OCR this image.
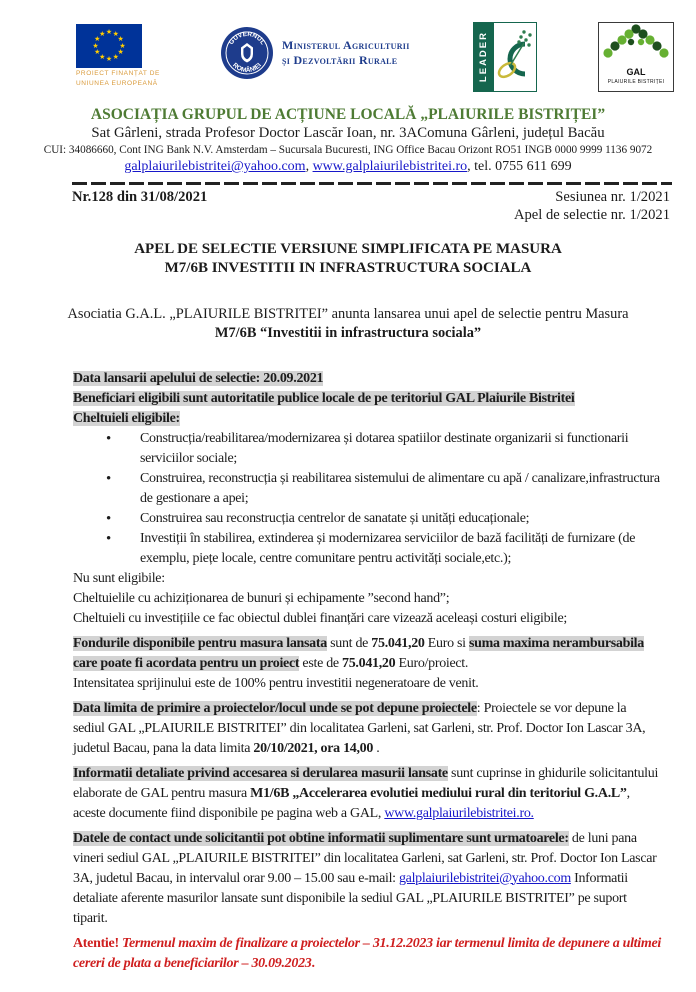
★ ★
★
★
★
★
★
★
★
★
★
★
PROIECT FINANȚAT DE
UNIUNEA EUROPEANĂ
GUVERNUL
ROMÂNIEI
Ministerul Agriculturii
și Dezvoltării Rurale	LEADER	GAL
PLAIURILE BISTRIȚEI
ASOCIAȚIA GRUPUL DE ACȚIUNE LOCALĂ „PLAIURILE BISTRIȚEI”
Sat Gârleni, strada Profesor Doctor Lascăr Ioan, nr. 3AComuna Gârleni, județul Bacău
CUI: 34086660, Cont ING Bank N.V. Amsterdam – Sucursala Bucuresti, ING Office Bacau Orizont RO51 INGB 0000 9999 1136 9072
galplaiurilebistritei@yahoo.com, www.galplaiurilebistritei.ro, tel. 0755 611 699
Nr.128 din 31/08/2021	Sesiunea nr. 1/2021
Apel de selectie nr. 1/2021
APEL DE SELECTIE VERSIUNE SIMPLIFICATA PE MASURA
M7/6B INVESTITII IN INFRASTRUCTURA SOCIALA
Asociatia G.A.L. „PLAIURILE BISTRITEI” anunta lansarea unui apel de selectie pentru Masura
M7/6B “Investitii in infrastructura sociala”
Data lansarii apelului de selectie: 20.09.2021
Beneficiari eligibili sunt autoritatile publice locale de pe teritoriul GAL Plaiurile Bistritei
Cheltuieli eligibile:
• Construcția/reabilitarea/modernizarea și dotarea spatiilor destinate organizarii si functionarii serviciilor sociale;
• Construirea, reconstrucția și reabilitarea sistemului de alimentare cu apă / canalizare,infrastructura de gestionare a apei;
• Construirea sau reconstrucția centrelor de sanatate și unități educaționale;
• Investiții în stabilirea, extinderea și modernizarea serviciilor de bază facilități de furnizare (de exemplu, piețe locale, centre comunitare pentru activități sociale,etc.);
Nu sunt eligibile:
Cheltuielile cu achiziționarea de bunuri și echipamente ”second hand”;
Cheltuieli cu investițiile ce fac obiectul dublei finanțări care vizează aceleași costuri eligibile;
Fondurile disponibile pentru masura lansata sunt de 75.041,20 Euro si suma maxima nerambursabila care poate fi acordata pentru un proiect este de 75.041,20 Euro/proiect.
Intensitatea sprijinului este de 100% pentru investitii negeneratoare de venit.
Data limita de primire a proiectelor/locul unde se pot depune proiectele: Proiectele se vor depune la sediul GAL „PLAIURILE BISTRITEI” din localitatea Garleni, sat Garleni, str. Prof. Doctor Ion Lascar 3A, judetul Bacau, pana la data limita 20/10/2021, ora 14,00 .
Informatii detaliate privind accesarea si derularea masurii lansate sunt cuprinse in ghidurile solicitantului elaborate de GAL pentru masura M1/6B „Accelerarea evolutiei mediului rural din teritoriul G.A.L”, aceste documente fiind disponibile pe pagina web a GAL, www.galplaiurilebistritei.ro.
Datele de contact unde solicitantii pot obtine informatii suplimentare sunt urmatoarele: de luni pana vineri sediul GAL „PLAIURILE BISTRITEI” din localitatea Garleni, sat Garleni, str. Prof. Doctor Ion Lascar 3A, judetul Bacau, in intervalul orar 9.00 – 15.00 sau e-mail: galplaiurilebistritei@yahoo.com Informatii detaliate aferente masurilor lansate sunt disponibile la sediul GAL „PLAIURILE BISTRITEI” pe suport tiparit.
Atentie! Termenul maxim de finalizare a proiectelor – 31.12.2023 iar termenul limita de depunere a ultimei cereri de plata a beneficiarilor – 30.09.2023.
